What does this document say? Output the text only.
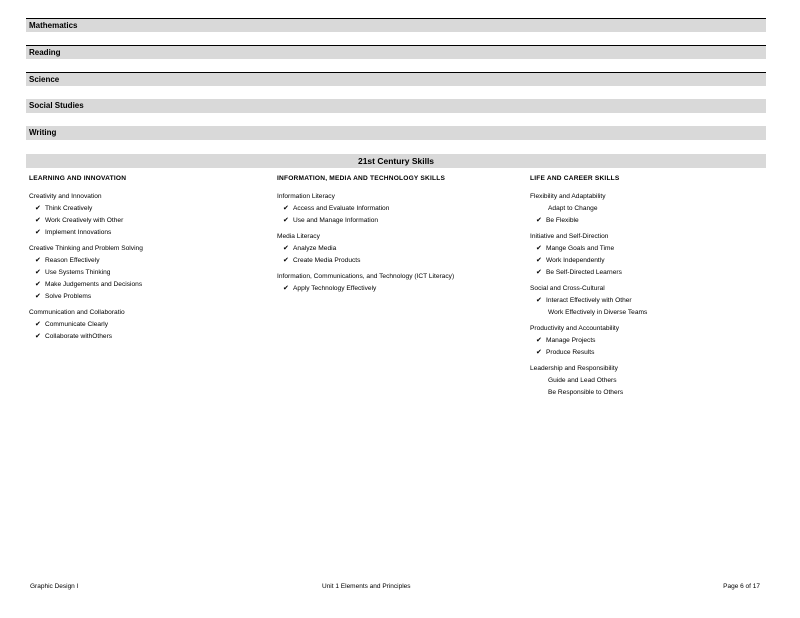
Mathematics
Reading
Science
Social Studies
Writing
21st Century Skills
LEARNING AND INNOVATION
Creativity and Innovation
✔ Think Creatively
✔ Work Creatively with Other
✔ Implement Innovations
Creative Thinking and Problem Solving
✔ Reason Effectively
✔ Use Systems Thinking
✔ Make Judgements and Decisions
✔ Solve Problems
Communication and Collaboratio
✔ Communicate Clearly
✔ Collaborate withOthers
INFORMATION, MEDIA AND TECHNOLOGY SKILLS
Information Literacy
✔ Access and Evaluate Information
✔ Use and Manage Information
Media Literacy
✔ Analyze Media
✔ Create Media Products
Information, Communications, and Technology (ICT Literacy)
✔ Apply Technology Effectively
LIFE AND CAREER SKILLS
Flexibility and Adaptability
Adapt to Change
✔ Be Flexible
Initiative and Self-Direction
✔ Mange Goals and Time
✔ Work Independently
✔ Be Self-Directed Learners
Social and Cross-Cultural
✔ Interact Effectively with Other
Work Effectively in Diverse Teams
Productivity and Accountability
✔ Manage Projects
✔ Produce Results
Leadership and Responsibility
Guide and Lead Others
Be Responsible to Others
Graphic Design I	Unit 1 Elements and Principles	Page 6 of 17
